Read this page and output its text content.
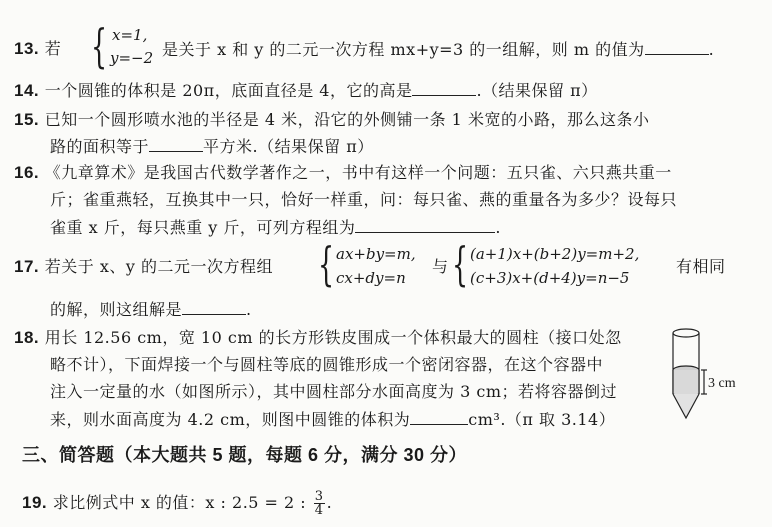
13. 若 { x=1,
y=−2 是关于 x 和 y 的二元一次方程 mx+y=3 的一组解，则 m 的值为	.
14. 一个圆锥的体积是 20π，底面直径是 4，它的高是	.（结果保留 π）
15. 已知一个圆形喷水池的半径是 4 米，沿它的外侧铺一条 1 米宽的小路，那么这条小
路的面积等于	平方米.（结果保留 π）
16. 《九章算术》是我国古代数学著作之一，书中有这样一个问题：五只雀、六只燕共重一
斤；雀重燕轻，互换其中一只，恰好一样重，问：每只雀、燕的重量各为多少？设每只
雀重 x 斤，每只燕重 y 斤，可列方程组为	.
17. 若关于 x、y 的二元一次方程组 { ax+by=m,
cx+dy=n
与 { (a+1)x+(b+2)y=m+2,
(c+3)x+(d+4)y=n−5
有相同
的解，则这组解是	.
18. 用长 12.56 cm，宽 10 cm 的长方形铁皮围成一个体积最大的圆柱（接口处忽
略不计），下面焊接一个与圆柱等底的圆锥形成一个密闭容器，在这个容器中
注入一定量的水（如图所示），其中圆柱部分水面高度为 3 cm；若将容器倒过
来，则水面高度为 4.2 cm，则图中圆锥的体积为	cm³.（π 取 3.14）
3 cm
三、简答题（本大题共 5 题，每题 6 分，满分 30 分）
19. 求比例式中 x 的值：x : 2.5 = 2 : $\frac{3}{4}$ .
